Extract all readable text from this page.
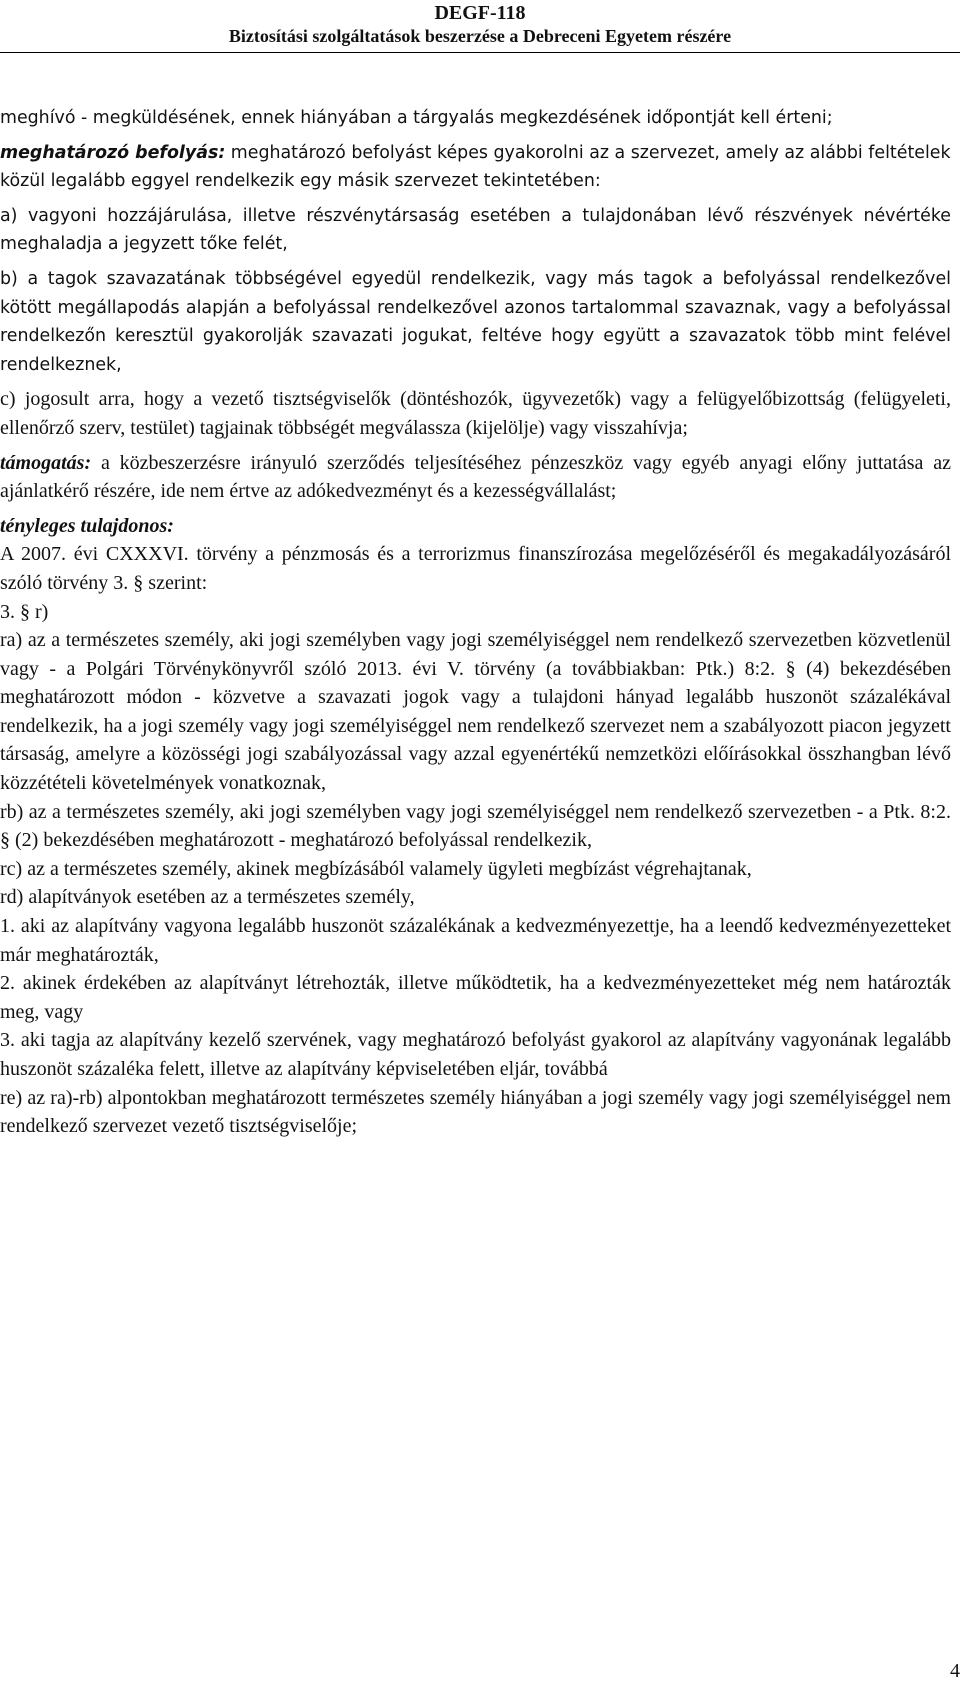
DEGF-118
Biztosítási szolgáltatások beszerzése a Debreceni Egyetem részére

meghívó - megküldésének, ennek hiányában a tárgyalás megkezdésének időpontját kell érteni;

meghatározó befolyás: meghatározó befolyást képes gyakorolni az a szervezet, amely az alábbi feltételek közül legalább eggyel rendelkezik egy másik szervezet tekintetében:

a) vagyoni hozzájárulása, illetve részvénytársaság esetében a tulajdonában lévő részvények névértéke meghaladja a jegyzett tőke felét,

b) a tagok szavazatának többségével egyedül rendelkezik, vagy más tagok a befolyással rendelkezővel kötött megállapodás alapján a befolyással rendelkezővel azonos tartalommal szavaznak, vagy a befolyással rendelkezőn keresztül gyakorolják szavazati jogukat, feltéve hogy együtt a szavazatok több mint felével rendelkeznek,

c) jogosult arra, hogy a vezető tisztségviselők (döntéshozók, ügyvezetők) vagy a felügyelőbizottság (felügyeleti, ellenőrző szerv, testület) tagjainak többségét megválassza (kijelölje) vagy visszahívja;

támogatás: a közbeszerzésre irányuló szerződés teljesítéséhez pénzeszköz vagy egyéb anyagi előny juttatása az ajánlatkérő részére, ide nem értve az adókedvezményt és a kezességvállalást;

tényleges tulajdonos:

A 2007. évi CXXXVI. törvény a pénzmosás és a terrorizmus finanszírozása megelőzéséről és megakadályozásáról szóló törvény 3. § szerint:

3. § r)

ra) az a természetes személy, aki jogi személyben vagy jogi személyiséggel nem rendelkező szervezetben közvetlenül vagy - a Polgári Törvénykönyvről szóló 2013. évi V. törvény (a továbbiakban: Ptk.) 8:2. § (4) bekezdésében meghatározott módon - közvetve a szavazati jogok vagy a tulajdoni hányad legalább huszonöt százalékával rendelkezik, ha a jogi személy vagy jogi személyiséggel nem rendelkező szervezet nem a szabályozott piacon jegyzett társaság, amelyre a közösségi jogi szabályozással vagy azzal egyenértékű nemzetközi előírásokkal összhangban lévő közzétételi követelmények vonatkoznak,

rb) az a természetes személy, aki jogi személyben vagy jogi személyiséggel nem rendelkező szervezetben - a Ptk. 8:2. § (2) bekezdésében meghatározott - meghatározó befolyással rendelkezik,

rc) az a természetes személy, akinek megbízásából valamely ügyleti megbízást végrehajtanak,

rd) alapítványok esetében az a természetes személy,

1. aki az alapítvány vagyona legalább huszonöt százalékának a kedvezményezettje, ha a leendő kedvezményezetteket már meghatározták,

2. akinek érdekében az alapítványt létrehozták, illetve működtetik, ha a kedvezményezetteket még nem határozták meg, vagy

3. aki tagja az alapítvány kezelő szervének, vagy meghatározó befolyást gyakorol az alapítvány vagyonának legalább huszonöt százaléka felett, illetve az alapítvány képviseletében eljár, továbbá

re) az ra)-rb) alpontokban meghatározott természetes személy hiányában a jogi személy vagy jogi személyiséggel nem rendelkező szervezet vezető tisztségviselője;

4
